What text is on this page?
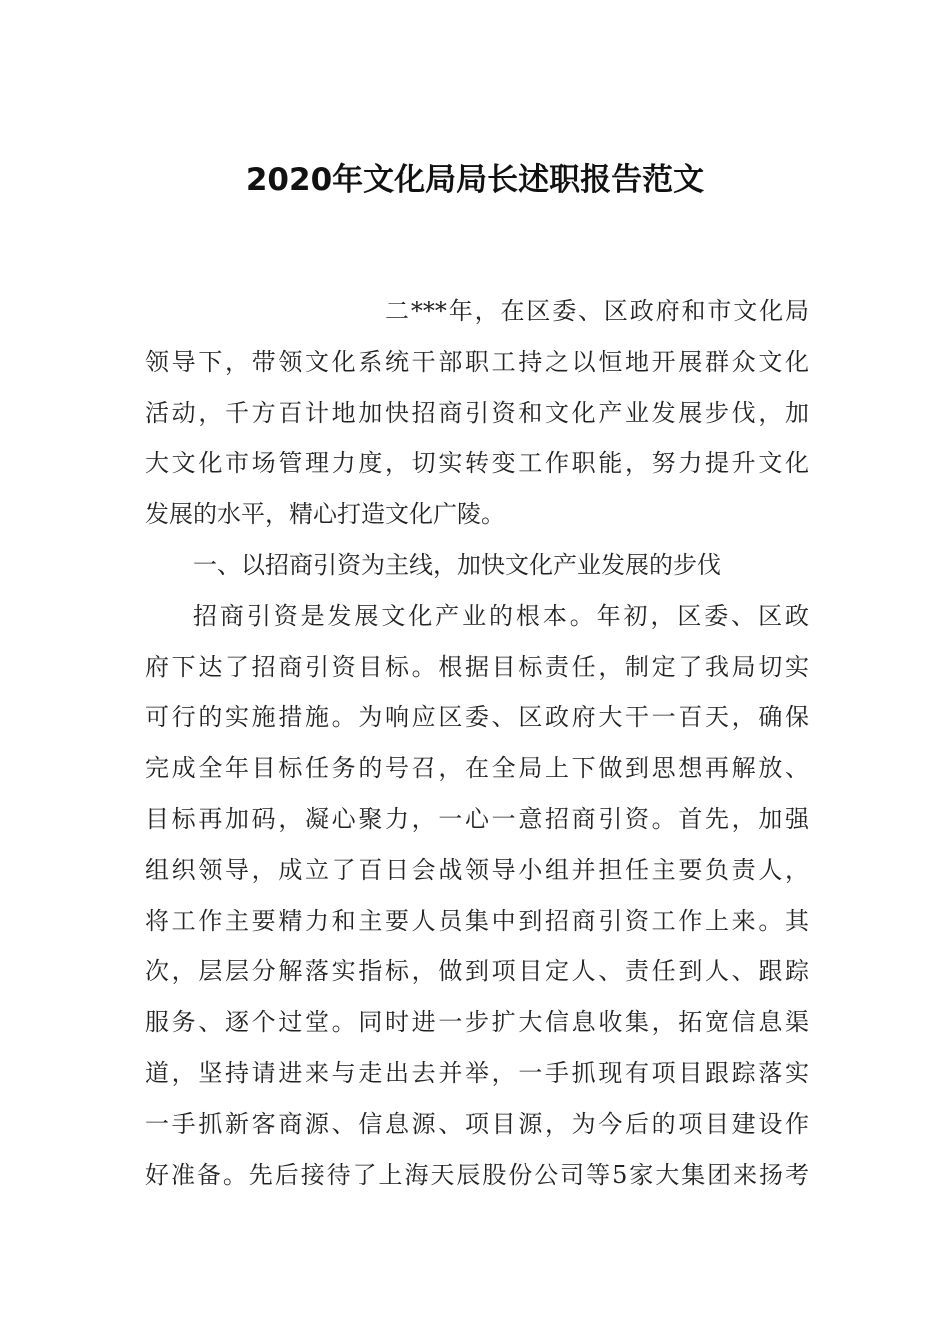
2020年文化局局长述职报告范文
二***年，在区委、区政府和市文化局
领导下，带领文化系统干部职工持之以恒地开展群众文化
活动，千方百计地加快招商引资和文化产业发展步伐，加
大文化市场管理力度，切实转变工作职能，努力提升文化
发展的水平，精心打造文化广陵。
一、以招商引资为主线，加快文化产业发展的步伐
招商引资是发展文化产业的根本。年初，区委、区政
府下达了招商引资目标。根据目标责任，制定了我局切实
可行的实施措施。为响应区委、区政府大干一百天，确保
完成全年目标任务的号召，在全局上下做到思想再解放、
目标再加码，凝心聚力，一心一意招商引资。首先，加强
组织领导，成立了百日会战领导小组并担任主要负责人，
将工作主要精力和主要人员集中到招商引资工作上来。其
次，层层分解落实指标，做到项目定人、责任到人、跟踪
服务、逐个过堂。同时进一步扩大信息收集，拓宽信息渠
道，坚持请进来与走出去并举，一手抓现有项目跟踪落实
一手抓新客商源、信息源、项目源，为今后的项目建设作
好准备。先后接待了上海天辰股份公司等5家大集团来扬考
